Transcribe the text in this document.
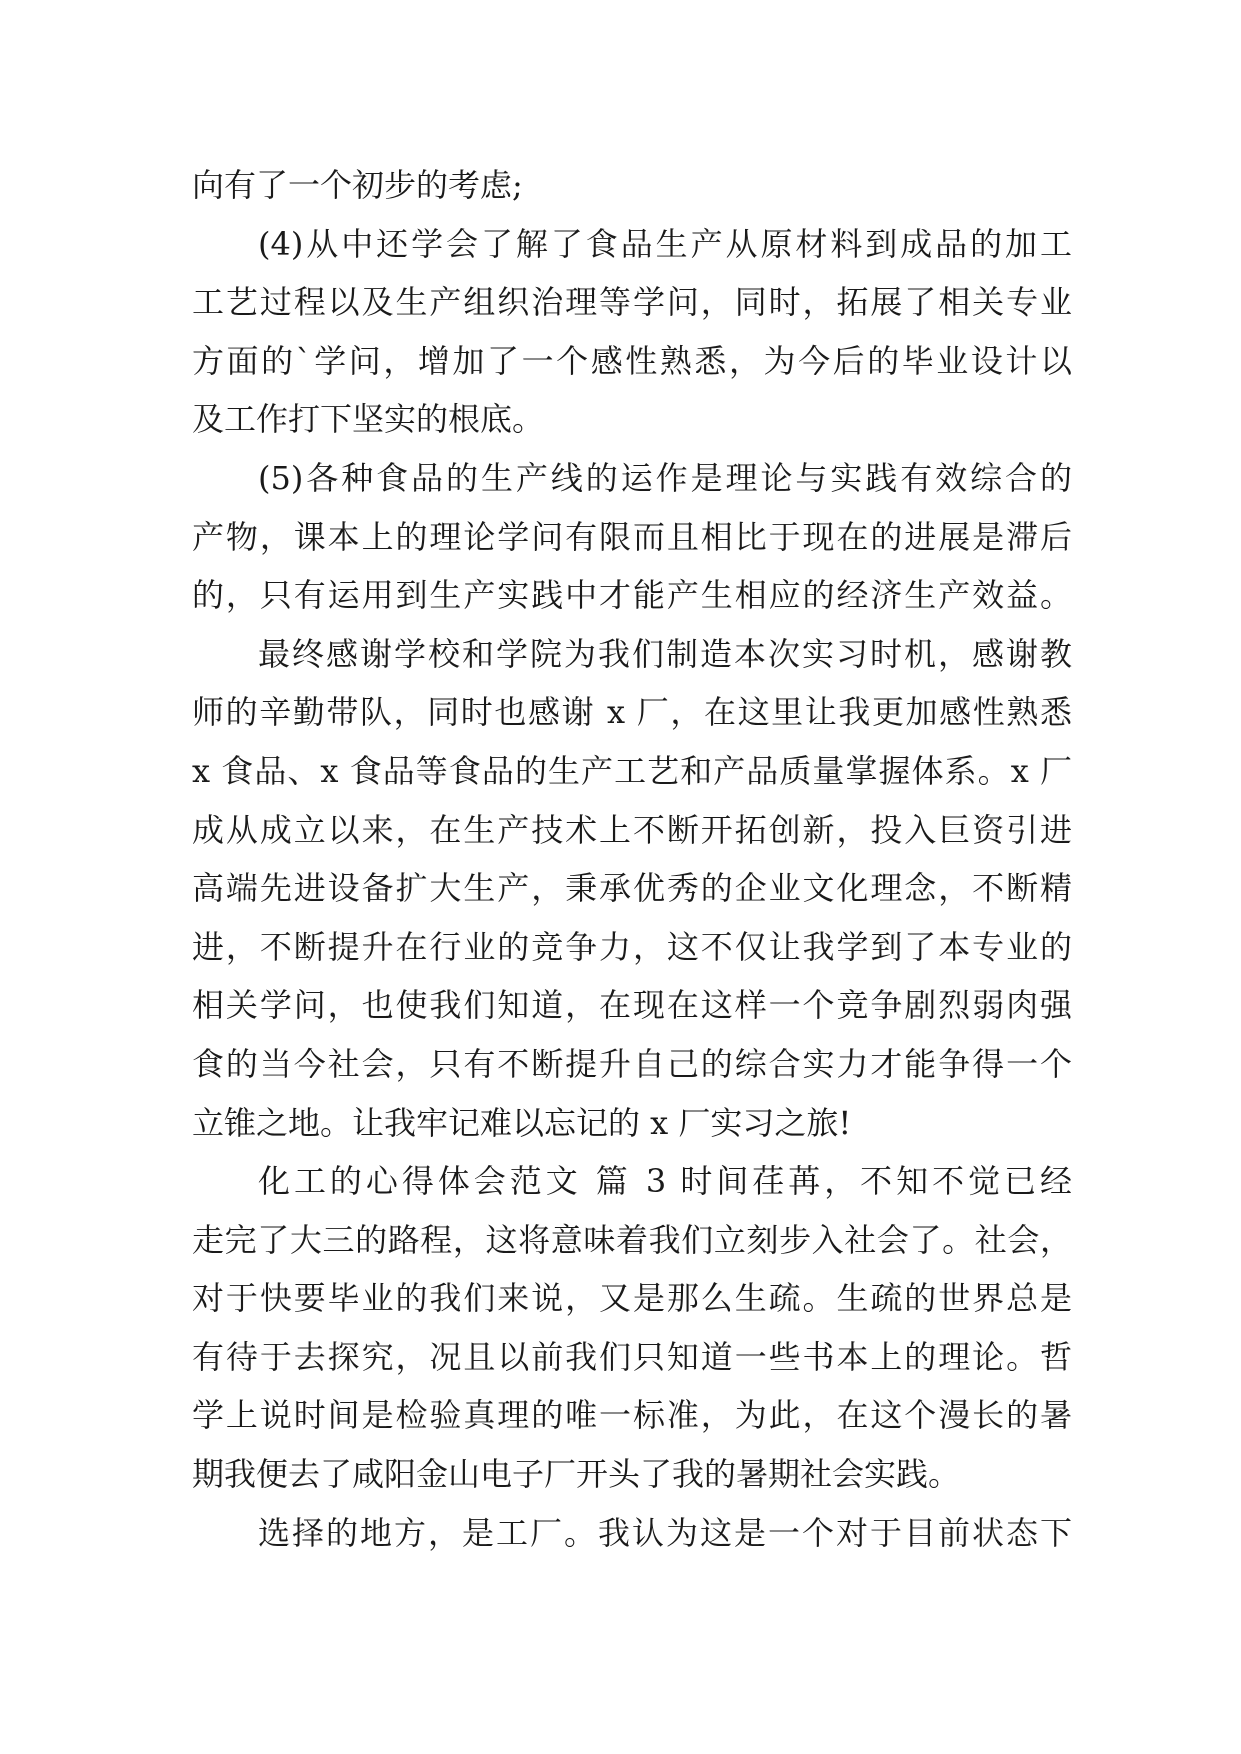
向有了一个初步的考虑;
(4)从中还学会了解了食品生产从原材料到成品的加工
工艺过程以及生产组织治理等学问，同时，拓展了相关专业
方面的`学问，增加了一个感性熟悉，为今后的毕业设计以
及工作打下坚实的根底。
(5)各种食品的生产线的运作是理论与实践有效综合的
产物，课本上的理论学问有限而且相比于现在的进展是滞后
的，只有运用到生产实践中才能产生相应的经济生产效益。
最终感谢学校和学院为我们制造本次实习时机，感谢教
师的辛勤带队，同时也感谢 x 厂，在这里让我更加感性熟悉
x 食品、x 食品等食品的生产工艺和产品质量掌握体系。x 厂
成从成立以来，在生产技术上不断开拓创新，投入巨资引进
高端先进设备扩大生产，秉承优秀的企业文化理念，不断精
进，不断提升在行业的竞争力，这不仅让我学到了本专业的
相关学问，也使我们知道，在现在这样一个竞争剧烈弱肉强
食的当今社会，只有不断提升自己的综合实力才能争得一个
立锥之地。让我牢记难以忘记的 x 厂实习之旅!
化工的心得体会范文 篇 3 时间荏苒，不知不觉已经
走完了大三的路程，这将意味着我们立刻步入社会了。社会，
对于快要毕业的我们来说，又是那么生疏。生疏的世界总是
有待于去探究，况且以前我们只知道一些书本上的理论。哲
学上说时间是检验真理的唯一标准，为此，在这个漫长的暑
期我便去了咸阳金山电子厂开头了我的暑期社会实践。
选择的地方，是工厂。我认为这是一个对于目前状态下
